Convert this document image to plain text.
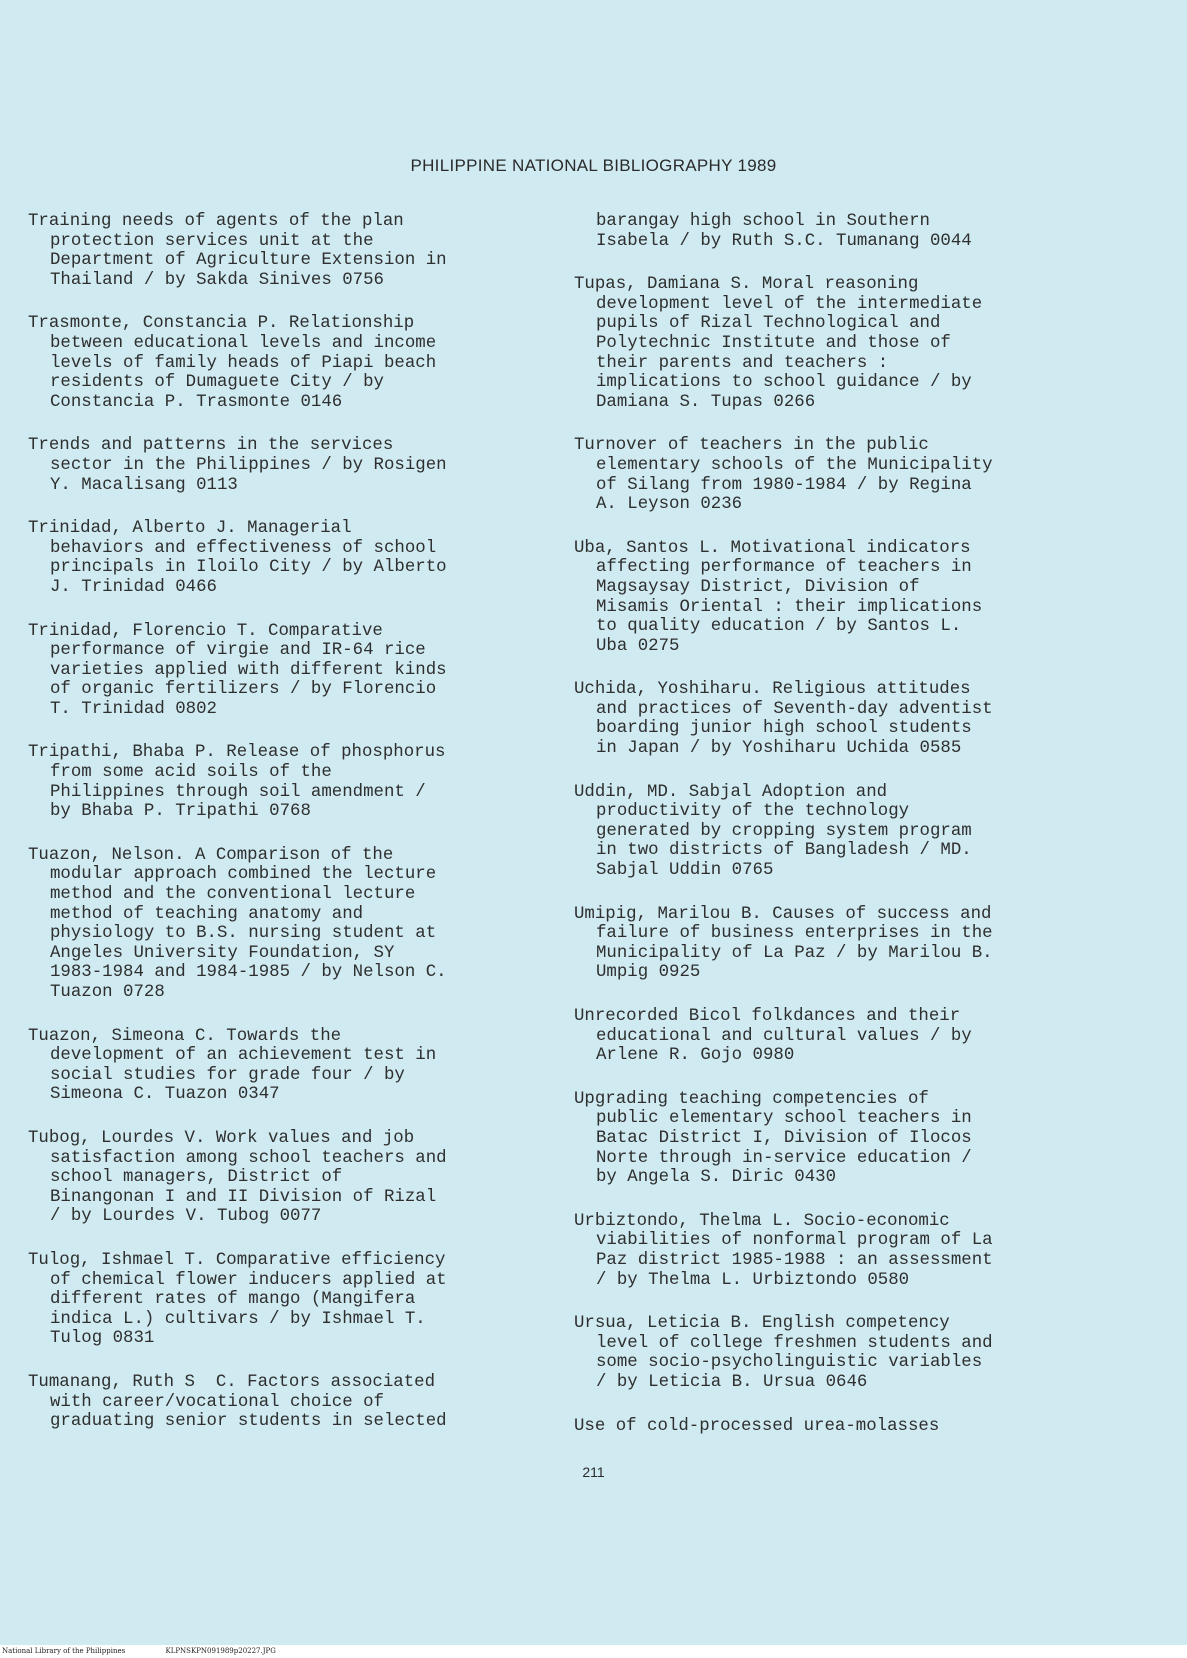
PHILIPPINE NATIONAL BIBLIOGRAPHY 1989
Training needs of agents of the plan
protection services unit at the
Department of Agriculture Extension in
Thailand / by Sakda Sinives 0756
Trasmonte, Constancia P. Relationship
between educational levels and income
levels of family heads of Piapi beach
residents of Dumaguete City / by
Constancia P. Trasmonte 0146
Trends and patterns in the services
sector in the Philippines / by Rosigen
Y. Macalisang 0113
Trinidad, Alberto J. Managerial
behaviors and effectiveness of school
principals in Iloilo City / by Alberto
J. Trinidad 0466
Trinidad, Florencio T. Comparative
performance of virgie and IR-64 rice
varieties applied with different kinds
of organic fertilizers / by Florencio
T. Trinidad 0802
Tripathi, Bhaba P. Release of phosphorus
from some acid soils of the
Philippines through soil amendment /
by Bhaba P. Tripathi 0768
Tuazon, Nelson. A Comparison of the
modular approach combined the lecture
method and the conventional lecture
method of teaching anatomy and
physiology to B.S. nursing student at
Angeles University Foundation, SY
1983-1984 and 1984-1985 / by Nelson C.
Tuazon 0728
Tuazon, Simeona C. Towards the
development of an achievement test in
social studies for grade four / by
Simeona C. Tuazon 0347
Tubog, Lourdes V. Work values and job
satisfaction among school teachers and
school managers, District of
Binangonan I and II Division of Rizal
/ by Lourdes V. Tubog 0077
Tulog, Ishmael T. Comparative efficiency
of chemical flower inducers applied at
different rates of mango (Mangifera
indica L.) cultivars / by Ishmael T.
Tulog 0831
Tumanang, Ruth S  C. Factors associated
with career/vocational choice of
graduating senior students in selected
barangay high school in Southern
Isabela / by Ruth S.C. Tumanang 0044
Tupas, Damiana S. Moral reasoning
development level of the intermediate
pupils of Rizal Technological and
Polytechnic Institute and those of
their parents and teachers :
implications to school guidance / by
Damiana S. Tupas 0266
Turnover of teachers in the public
elementary schools of the Municipality
of Silang from 1980-1984 / by Regina
A. Leyson 0236
Uba, Santos L. Motivational indicators
affecting performance of teachers in
Magsaysay District, Division of
Misamis Oriental : their implications
to quality education / by Santos L.
Uba 0275
Uchida, Yoshiharu. Religious attitudes
and practices of Seventh-day adventist
boarding junior high school students
in Japan / by Yoshiharu Uchida 0585
Uddin, MD. Sabjal Adoption and
productivity of the technology
generated by cropping system program
in two districts of Bangladesh / MD.
Sabjal Uddin 0765
Umipig, Marilou B. Causes of success and
failure of business enterprises in the
Municipality of La Paz / by Marilou B.
Umpig 0925
Unrecorded Bicol folkdances and their
educational and cultural values / by
Arlene R. Gojo 0980
Upgrading teaching competencies of
public elementary school teachers in
Batac District I, Division of Ilocos
Norte through in-service education /
by Angela S. Diric 0430
Urbiztondo, Thelma L. Socio-economic
viabilities of nonformal program of La
Paz district 1985-1988 : an assessment
/ by Thelma L. Urbiztondo 0580
Ursua, Leticia B. English competency
level of college freshmen students and
some socio-psycholinguistic variables
/ by Leticia B. Ursua 0646
Use of cold-processed urea-molasses
211
National Library of the Philippines	KLPNSKPN091989p20227.JPG
